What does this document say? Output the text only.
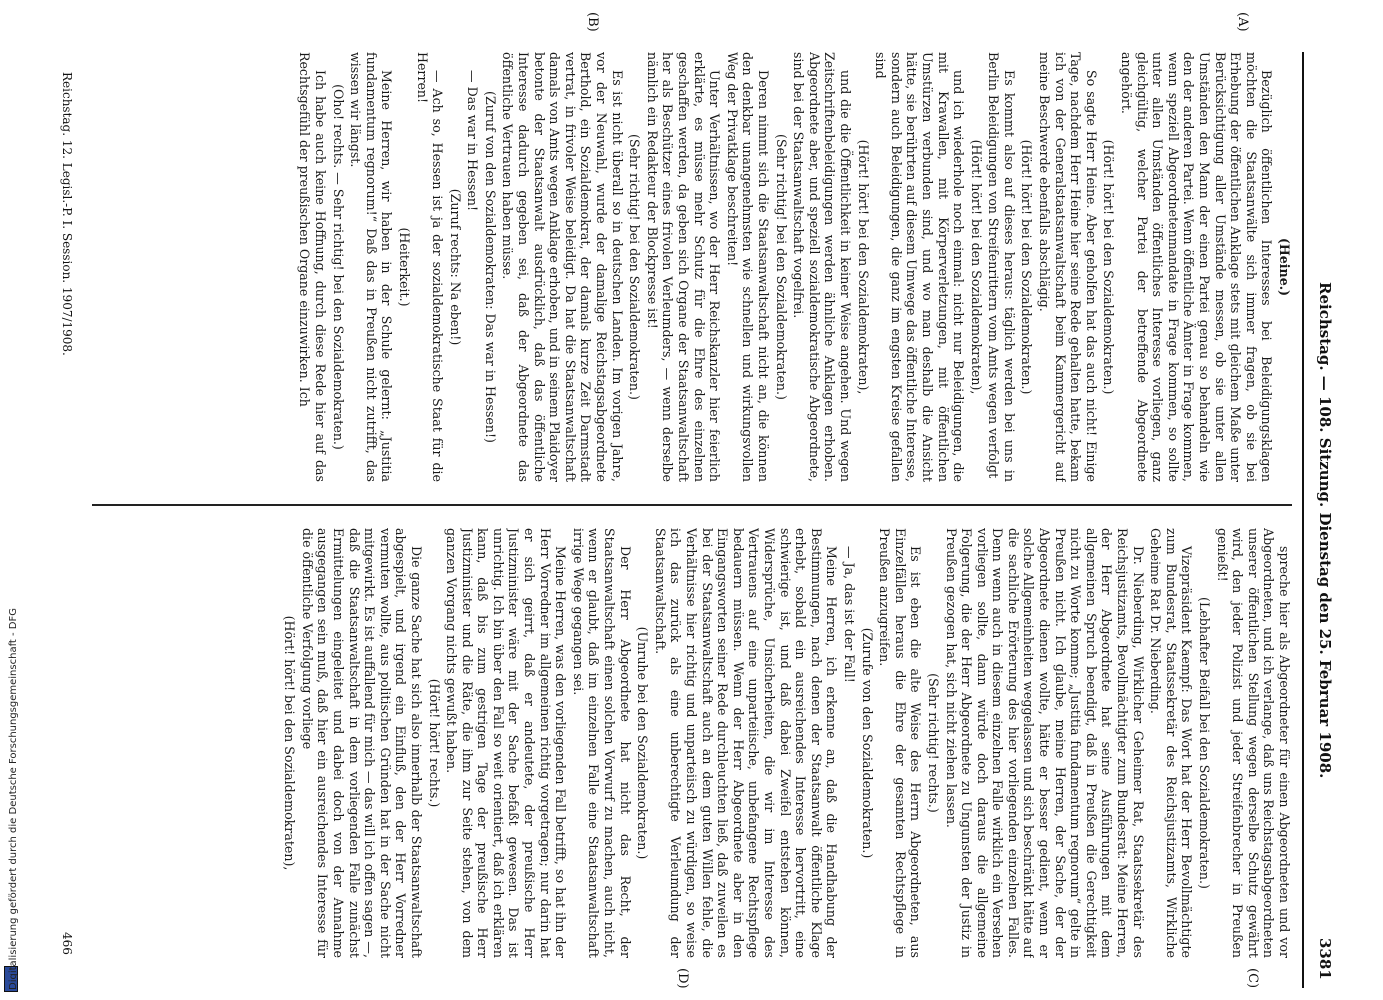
Reichstag. — 108. Sitzung. Dienstag den 25. Februar 1908.
3381

(Heine.)

Bezüglich öffentlichen Interesses bei Beleidigungsklagen möchten die Staatsanwälte sich immer fragen, ob sie bei Erhebung der öffentlichen Anklage stets mit gleichem Maße unter Berücksichtigung aller Umstände messen, ob sie unter allen Umständen den Mann der einen Partei genau so behandeln wie den der anderen Partei. Wenn öffentliche Ämter in Frage kommen, wenn speziell Abgeordnetenmandate in Frage kommen, so sollte unter allen Umständen öffentliches Interesse vorliegen, ganz gleichgültig, welcher Partei der betreffende Abgeordnete angehört.

(Hört! hört! bei den Sozialdemokraten.)

So sagte Herr Heine. Aber geholfen hat das auch nicht! Einige Tage, nachdem Herr Heine hier seine Rede gehalten hatte, bekam ich von der Generalstaatsanwaltschaft beim Kammergericht auf meine Beschwerde ebenfalls abschlägig.

(Hört! hört! bei den Sozialdemokraten.)

Es kommt also auf dieses heraus: täglich werden bei uns in Berlin Beleidigungen von Streifenrittern vom Amts wegen verfolgt

(Hört! hört! bei den Sozialdemokraten),

und ich wiederhole noch einmal: nicht nur Beleidigungen, die mit Krawallen, mit Körperverletzungen, mit öffentlichen Umstürzen verbunden sind, und wo man deshalb die Ansicht hätte, sie berührten auf diesem Umwege das öffentliche Interesse, sondern auch Beleidigungen, die ganz im engsten Kreise gefallen sind

(Hört! hört! bei den Sozialdemokraten),

und die die Öffentlichkeit in keiner Weise angehen. Und wegen Zeitschriftenbeleidigungen werden ähnliche Anklagen erhoben. Abgeordnete aber, und speziell sozialdemokratische Abgeordnete, sind bei der Staatsanwaltschaft vogelfrei.

(Sehr richtig! bei den Sozialdemokraten.)

Deren nimmt sich die Staatsanwaltschaft nicht an, die können den denkbar unangenehmsten wie schnellen und wirkungsvollen Weg der Privatklage beschreiten!

Unter Verhältnissen, wo der Herr Reichskanzler hier feierlich erklärte, es müsse mehr Schutz für die Ehre des einzelnen geschaffen werden, da geben sich Organe der Staatsanwaltschaft her als Beschützer eines frivolen Verleumders, — wenn derselbe nämlich ein Redakteur der Blockpresse ist!

(Sehr richtig! bei den Sozialdemokraten.)

Es ist nicht überall so in deutschen Landen. Im vorigen Jahre, vor der Neuwahl, wurde der damalige Reichstagsabgeordnete Berthold, ein Sozialdemokrat, der damals kurze Zeit Darmstadt vertrat, in frivoler Weise beleidigt. Da hat die Staatsanwaltschaft damals von Amts wegen Anklage erhoben, und in seinem Plaidoyer betonte der Staatsanwalt ausdrücklich, daß das öffentliche Interesse dadurch gegeben sei, daß der Abgeordnete das öffentliche Vertrauen haben müsse.

(Zuruf von den Sozialdemokraten: Das war in Hessen!)

— Das war in Hessen!

(Zuruf rechts: Na eben!)

— Ach so, Hessen ist ja der sozialdemokratische Staat für die Herren!

(Heiterkeit.)

Meine Herren, wir haben in der Schule gelernt: „Justitia fundamentum regnorum!“ Daß das in Preußen nicht zutrifft, das wissen wir längst.

(Oho! rechts. — Sehr richtig! bei den Sozialdemokraten.)

Ich habe auch keine Hoffnung, durch diese Rede hier auf das Rechtsgefühl der preußischen Organe einzuwirken. Ich

spreche hier als Abgeordneter für einen Abgeordneten und vor Abgeordneten, und ich verlange, daß uns Reichstagsabgeordneten unserer öffentlichen Stellung wegen derselbe Schutz gewährt wird, den jeder Polizist und jeder Streifenbrecher in Preußen genießt!

(Lebhafter Beifall bei den Sozialdemokraten.)

Vizepräsident Kaempf: Das Wort hat der Herr Bevollmächtigte zum Bundesrat, Staatssekretär des Reichsjustizamts, Wirkliche Geheime Rat Dr. Nieberding.

Dr. Nieberding, Wirklicher Geheimer Rat, Staatssekretär des Reichsjustizamts, Bevollmächtigter zum Bundesrat: Meine Herren, der Herr Abgeordnete hat seine Ausführungen mit dem allgemeinen Spruch beendigt, daß in Preußen die Gerechtigkeit nicht zu Worte komme; „Justitia fundamentum regnorum“ gelte in Preußen nicht. Ich glaube, meine Herren, der Sache, der der Abgeordnete dienen wollte, hätte er besser gedient, wenn er solche Allgemeinheiten weggelassen und sich beschränkt hätte auf die sachliche Erörterung des hier vorliegenden einzelnen Falles. Denn wenn auch in diesem einzelnen Falle wirklich ein Versehen vorliegen sollte, dann würde doch daraus die allgemeine Folgerung, die der Herr Abgeordnete zu Ungunsten der Justiz in Preußen gezogen hat, sich nicht ziehen lassen.

(Sehr richtig! rechts.)

Es ist eben die alte Weise des Herrn Abgeordneten, aus Einzelfällen heraus die Ehre der gesamten Rechtspflege in Preußen anzugreifen.

(Zurufe von den Sozialdemokraten.)

— Ja, das ist der Fall!

Meine Herren, ich erkenne an, daß die Handhabung der Bestimmungen, nach denen der Staatsanwalt öffentliche Klage erhebt, sobald ein ausreichendes Interesse hervortritt, eine schwierige ist, und daß dabei Zweifel entstehen können, Widersprüche, Unsicherheiten, die wir im Interesse des Vertrauens auf eine unparteiische, unbefangene Rechtspflege bedauern müssen. Wenn der Herr Abgeordnete aber in den Eingangsworten seiner Rede durchleuchten ließ, daß zuweilen es bei der Staatsanwaltschaft auch an dem guten Willen fehle, die Verhältnisse hier richtig und unparteiisch zu würdigen, so weise ich das zurück als eine unberechtigte Verleumdung der Staatsanwaltschaft.

(Unruhe bei den Sozialdemokraten.)

Der Herr Abgeordnete hat nicht das Recht, der Staatsanwaltschaft einen solchen Vorwurf zu machen, auch nicht, wenn er glaubt, daß im einzelnen Falle eine Staatsanwaltschaft irrige Wege gegangen sei.

Meine Herren, was den vorliegenden Fall betrifft, so hat ihn der Herr Vorredner im allgemeinen richtig vorgetragen; nur darin hat er sich geirrt, daß er andeutete, der preußische Herr Justizminister wäre mit der Sache befaßt gewesen. Das ist unrichtig. Ich bin über den Fall so weit orientiert, daß ich erklären kann, daß bis zum gestrigen Tage der preußische Herr Justizminister und die Räte, die ihm zur Seite stehen, von dem ganzen Vorgang nichts gewußt haben.

(Hört! hört! rechts.)

Die ganze Sache hat sich also innerhalb der Staatsanwaltschaft abgespielt, und irgend ein Einfluß, den der Herr Vorredner vermuten wollte, aus politischen Gründen hat in der Sache nicht mitgewirkt. Es ist auffallend für mich — das will ich offen sagen —, daß die Staatsanwaltschaft in dem vorliegenden Falle zunächst Ermittelungen eingeleitet und dabei doch von der Annahme ausgegangen sein muß, daß hier ein ausreichendes Interesse für die öffentliche Verfolgung vorliege

(Hört! hört! bei den Sozialdemokraten),

(A)
(B)
(C)
(D)
Reichstag. 12. Legisl.-P. I. Session. 1907/1908.
466
Digitalisierung gefördert durch die Deutsche Forschungsgemeinschaft - DFG
